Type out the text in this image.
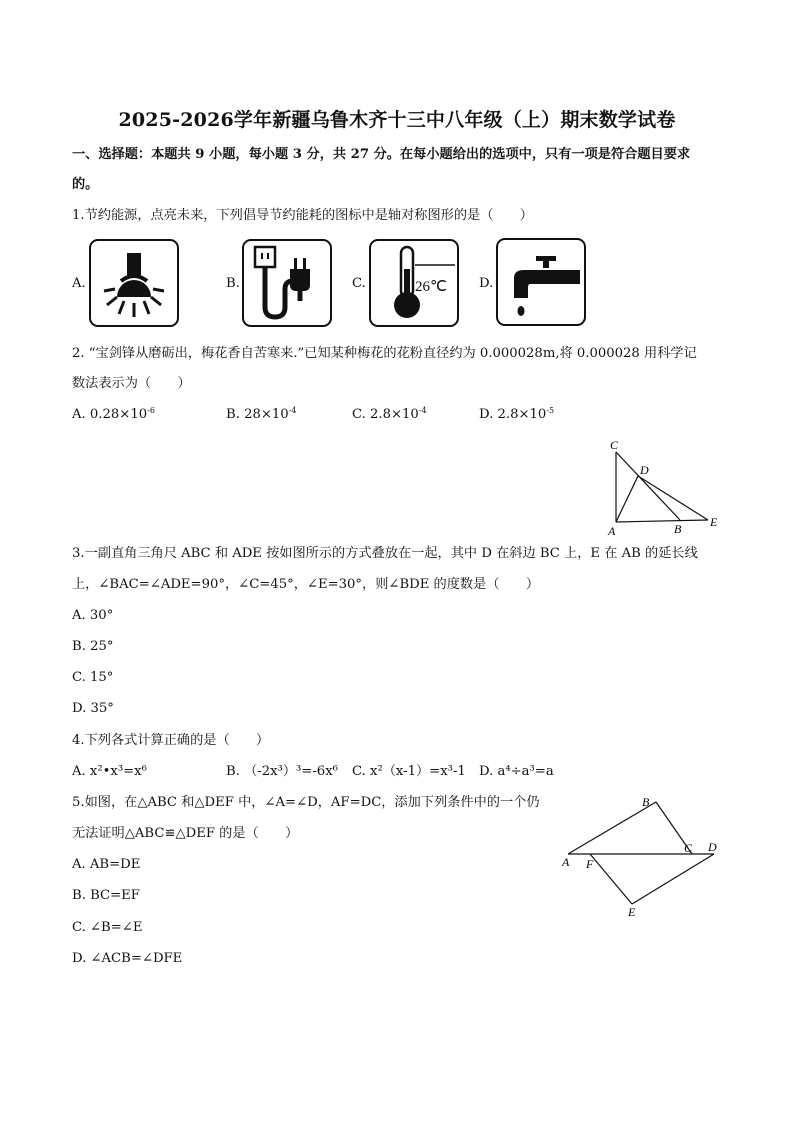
2025-2026学年新疆乌鲁木齐十三中八年级（上）期末数学试卷
一、选择题：本题共 9 小题，每小题 3 分，共 27 分。在每小题给出的选项中，只有一项是符合题目要求
的。
1.节约能源，点亮未来，下列倡导节约能耗的图标中是轴对称图形的是（　　）
A.	B.	C.	26℃ D.
2. “宝剑锋从磨砺出，梅花香自苦寒来.”已知某种梅花的花粉直径约为 0.000028m,将 0.000028 用科学记
数法表示为（　　）
A. $0.28\times 10^{-6}$	B. $28\times 10^{-4}$	C. $2.8\times 10^{-4}$	D. $2.8\times 10^{-5}$
C
D
A	B E
3.一副直角三角尺 ABC 和 ADE 按如图所示的方式叠放在一起，其中 D 在斜边 BC 上，E 在 AB 的延长线
上，∠BAC=∠ADE=90°，∠C=45°，∠E=30°，则∠BDE 的度数是（　　）
A. 30°
B. 25°
C. 15°
D. 35°
4.下列各式计算正确的是（　　）
A. x²•x³=x⁶	B. （-2x³）³=-6x⁶ C. x²（x-1）=x³-1 D. a⁴÷a³=a
5.如图，在△ABC 和△DEF 中，∠A=∠D，AF=DC，添加下列条件中的一个仍
无法证明△ABC≌△DEF 的是（　　）
A. AB=DE
B. BC=EF
C. ∠B=∠E
D. ∠ACB=∠DFE
B
A F
C D
E
